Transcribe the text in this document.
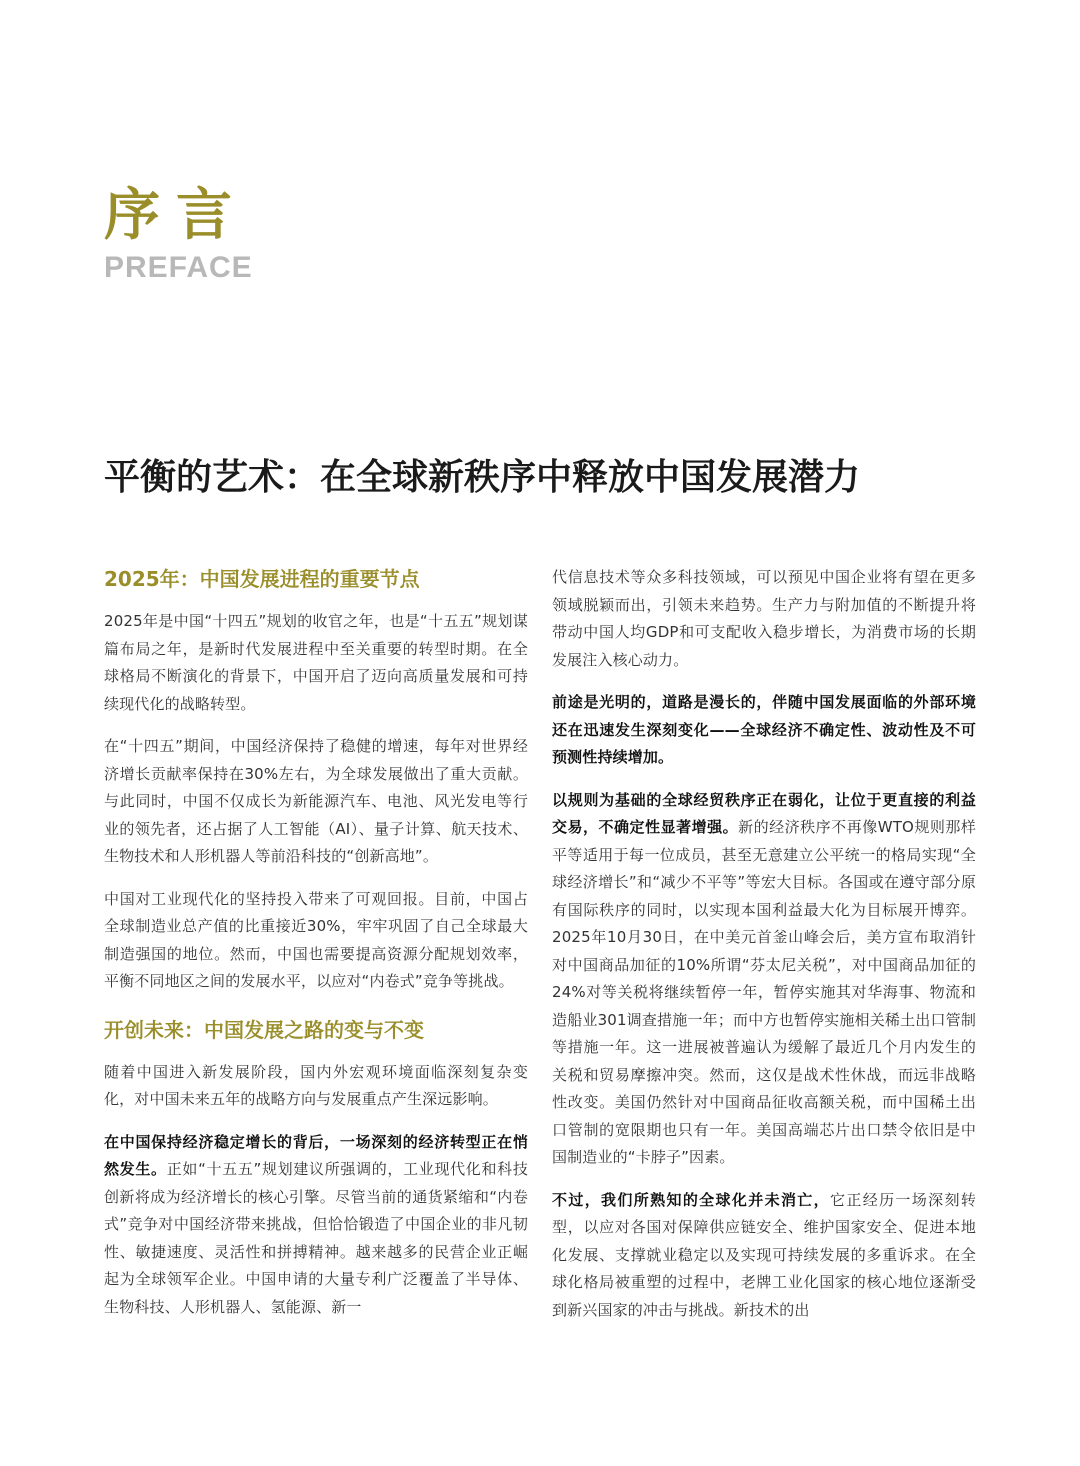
序言
PREFACE
平衡的艺术：在全球新秩序中释放中国发展潜力
2025年：中国发展进程的重要节点

2025年是中国“十四五”规划的收官之年，也是“十五五”规划谋篇布局之年，是新时代发展进程中至关重要的转型时期。在全球格局不断演化的背景下，中国开启了迈向高质量发展和可持续现代化的战略转型。

在“十四五”期间，中国经济保持了稳健的增速，每年对世界经济增长贡献率保持在30%左右，为全球发展做出了重大贡献。与此同时，中国不仅成长为新能源汽车、电池、风光发电等行业的领先者，还占据了人工智能（AI）、量子计算、航天技术、生物技术和人形机器人等前沿科技的“创新高地”。

中国对工业现代化的坚持投入带来了可观回报。目前，中国占全球制造业总产值的比重接近30%，牢牢巩固了自己全球最大制造强国的地位。然而，中国也需要提高资源分配规划效率，平衡不同地区之间的发展水平，以应对“内卷式”竞争等挑战。

开创未来：中国发展之路的变与不变

随着中国进入新发展阶段，国内外宏观环境面临深刻复杂变化，对中国未来五年的战略方向与发展重点产生深远影响。

在中国保持经济稳定增长的背后，一场深刻的经济转型正在悄然发生。正如“十五五”规划建议所强调的，工业现代化和科技创新将成为经济增长的核心引擎。尽管当前的通货紧缩和“内卷式”竞争对中国经济带来挑战，但恰恰锻造了中国企业的非凡韧性、敏捷速度、灵活性和拼搏精神。越来越多的民营企业正崛起为全球领军企业。中国申请的大量专利广泛覆盖了半导体、生物科技、人形机器人、氢能源、新一

代信息技术等众多科技领域，可以预见中国企业将有望在更多领域脱颖而出，引领未来趋势。生产力与附加值的不断提升将带动中国人均GDP和可支配收入稳步增长，为消费市场的长期发展注入核心动力。

前途是光明的，道路是漫长的，伴随中国发展面临的外部环境还在迅速发生深刻变化——全球经济不确定性、波动性及不可预测性持续增加。

以规则为基础的全球经贸秩序正在弱化，让位于更直接的利益交易，不确定性显著增强。新的经济秩序不再像WTO规则那样平等适用于每一位成员，甚至无意建立公平统一的格局实现“全球经济增长”和“减少不平等”等宏大目标。各国或在遵守部分原有国际秩序的同时，以实现本国利益最大化为目标展开博弈。2025年10月30日，在中美元首釜山峰会后，美方宣布取消针对中国商品加征的10%所谓“芬太尼关税”，对中国商品加征的24%对等关税将继续暂停一年，暂停实施其对华海事、物流和造船业301调查措施一年；而中方也暂停实施相关稀土出口管制等措施一年。这一进展被普遍认为缓解了最近几个月内发生的关税和贸易摩擦冲突。然而，这仅是战术性休战，而远非战略性改变。美国仍然针对中国商品征收高额关税，而中国稀土出口管制的宽限期也只有一年。美国高端芯片出口禁令依旧是中国制造业的“卡脖子”因素。

不过，我们所熟知的全球化并未消亡，它正经历一场深刻转型，以应对各国对保障供应链安全、维护国家安全、促进本地化发展、支撑就业稳定以及实现可持续发展的多重诉求。在全球化格局被重塑的过程中，老牌工业化国家的核心地位逐渐受到新兴国家的冲击与挑战。新技术的出
